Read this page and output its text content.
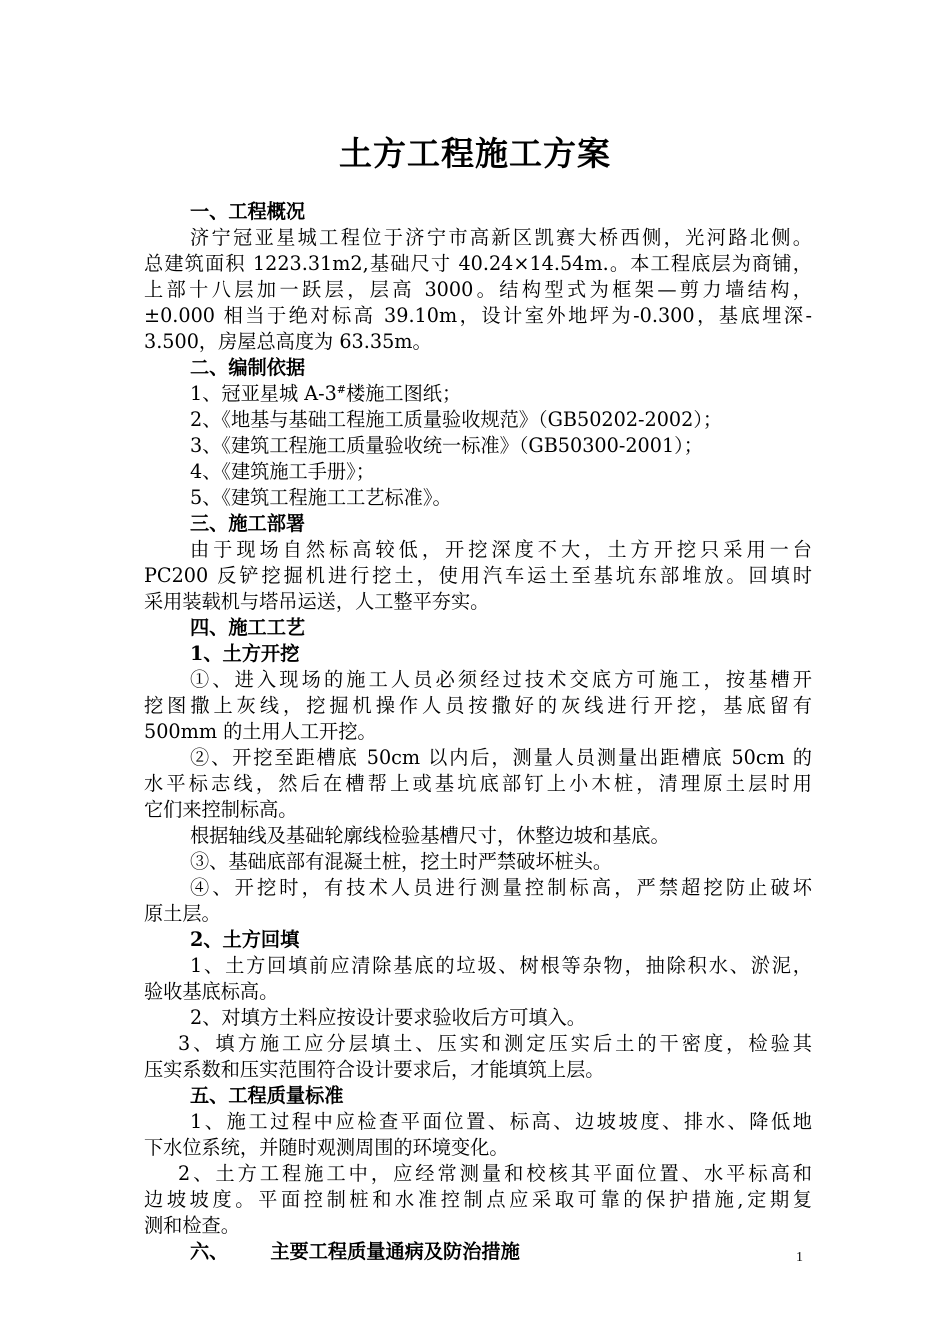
土方工程施工方案
一、工程概况
济宁冠亚星城工程位于济宁市高新区凯赛大桥西侧，光河路北侧。
总建筑面积 1223.31m2,基础尺寸 40.24×14.54m.。本工程底层为商铺，
上部十八层加一跃层，层高 3000。结构型式为框架—剪力墙结构，
±0.000 相当于绝对标高 39.10m，设计室外地坪为-0.300，基底埋深-
3.500，房屋总高度为 63.35m。
二、编制依据
1、冠亚星城 A-3#楼施工图纸；
2、《地基与基础工程施工质量验收规范》（GB50202-2002）；
3、《建筑工程施工质量验收统一标准》（GB50300-2001）；
4、《建筑施工手册》；
5、《建筑工程施工工艺标准》。
三、施工部署
由于现场自然标高较低，开挖深度不大，土方开挖只采用一台
PC200 反铲挖掘机进行挖土，使用汽车运土至基坑东部堆放。回填时
采用装载机与塔吊运送，人工整平夯实。
四、施工工艺
1、土方开挖
①、进入现场的施工人员必须经过技术交底方可施工，按基槽开
挖图撒上灰线，挖掘机操作人员按撒好的灰线进行开挖，基底留有
500mm 的土用人工开挖。
②、开挖至距槽底 50cm 以内后，测量人员测量出距槽底 50cm 的
水平标志线，然后在槽帮上或基坑底部钉上小木桩，清理原土层时用
它们来控制标高。
根据轴线及基础轮廓线检验基槽尺寸，休整边坡和基底。
③、基础底部有混凝土桩，挖土时严禁破坏桩头。
④、开挖时，有技术人员进行测量控制标高，严禁超挖防止破坏
原土层。
2、土方回填
1、土方回填前应清除基底的垃圾、树根等杂物，抽除积水、淤泥，
验收基底标高。
2、对填方土料应按设计要求验收后方可填入。
3、填方施工应分层填土、压实和测定压实后土的干密度，检验其
压实系数和压实范围符合设计要求后，才能填筑上层。
五、工程质量标准
1、施工过程中应检查平面位置、标高、边坡坡度、排水、降低地
下水位系统，并随时观测周围的环境变化。
2、土方工程施工中，应经常测量和校核其平面位置、水平标高和
边坡坡度。平面控制桩和水准控制点应采取可靠的保护措施,定期复
测和检查。
六、 主要工程质量通病及防治措施	1
